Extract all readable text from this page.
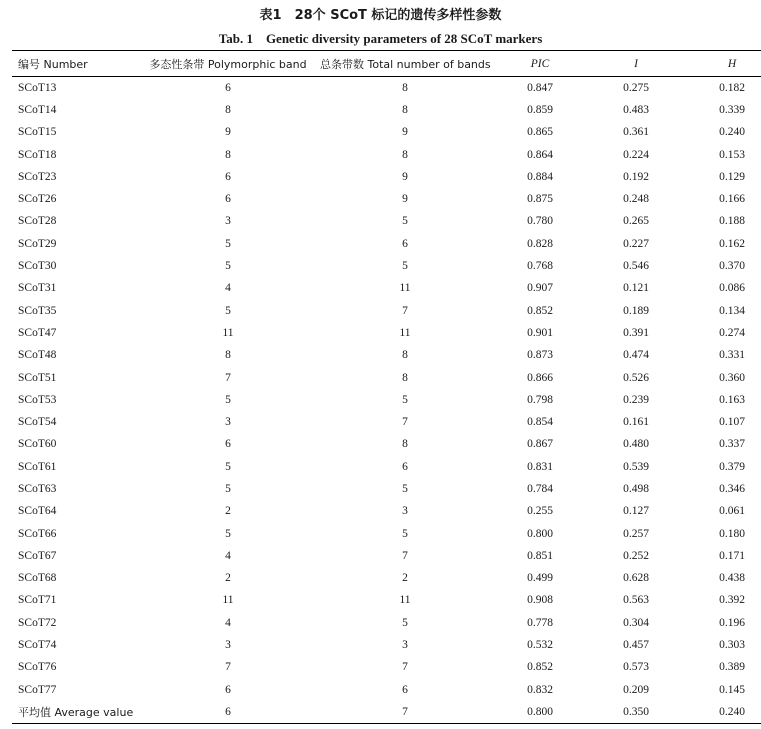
表1　28个 SCoT 标记的遗传多样性参数
Tab. 1　Genetic diversity parameters of 28 SCoT markers
编号 Number	多态性条带 Polymorphic band	总条带数 Total number of bands	PIC	I	H
SCoT13	6	8	0.847	0.275	0.182
SCoT14	8	8	0.859	0.483	0.339
SCoT15	9	9	0.865	0.361	0.240
SCoT18	8	8	0.864	0.224	0.153
SCoT23	6	9	0.884	0.192	0.129
SCoT26	6	9	0.875	0.248	0.166
SCoT28	3	5	0.780	0.265	0.188
SCoT29	5	6	0.828	0.227	0.162
SCoT30	5	5	0.768	0.546	0.370
SCoT31	4	11	0.907	0.121	0.086
SCoT35	5	7	0.852	0.189	0.134
SCoT47	11	11	0.901	0.391	0.274
SCoT48	8	8	0.873	0.474	0.331
SCoT51	7	8	0.866	0.526	0.360
SCoT53	5	5	0.798	0.239	0.163
SCoT54	3	7	0.854	0.161	0.107
SCoT60	6	8	0.867	0.480	0.337
SCoT61	5	6	0.831	0.539	0.379
SCoT63	5	5	0.784	0.498	0.346
SCoT64	2	3	0.255	0.127	0.061
SCoT66	5	5	0.800	0.257	0.180
SCoT67	4	7	0.851	0.252	0.171
SCoT68	2	2	0.499	0.628	0.438
SCoT71	11	11	0.908	0.563	0.392
SCoT72	4	5	0.778	0.304	0.196
SCoT74	3	3	0.532	0.457	0.303
SCoT76	7	7	0.852	0.573	0.389
SCoT77	6	6	0.832	0.209	0.145
平均值 Average value	6	7	0.800	0.350	0.240
